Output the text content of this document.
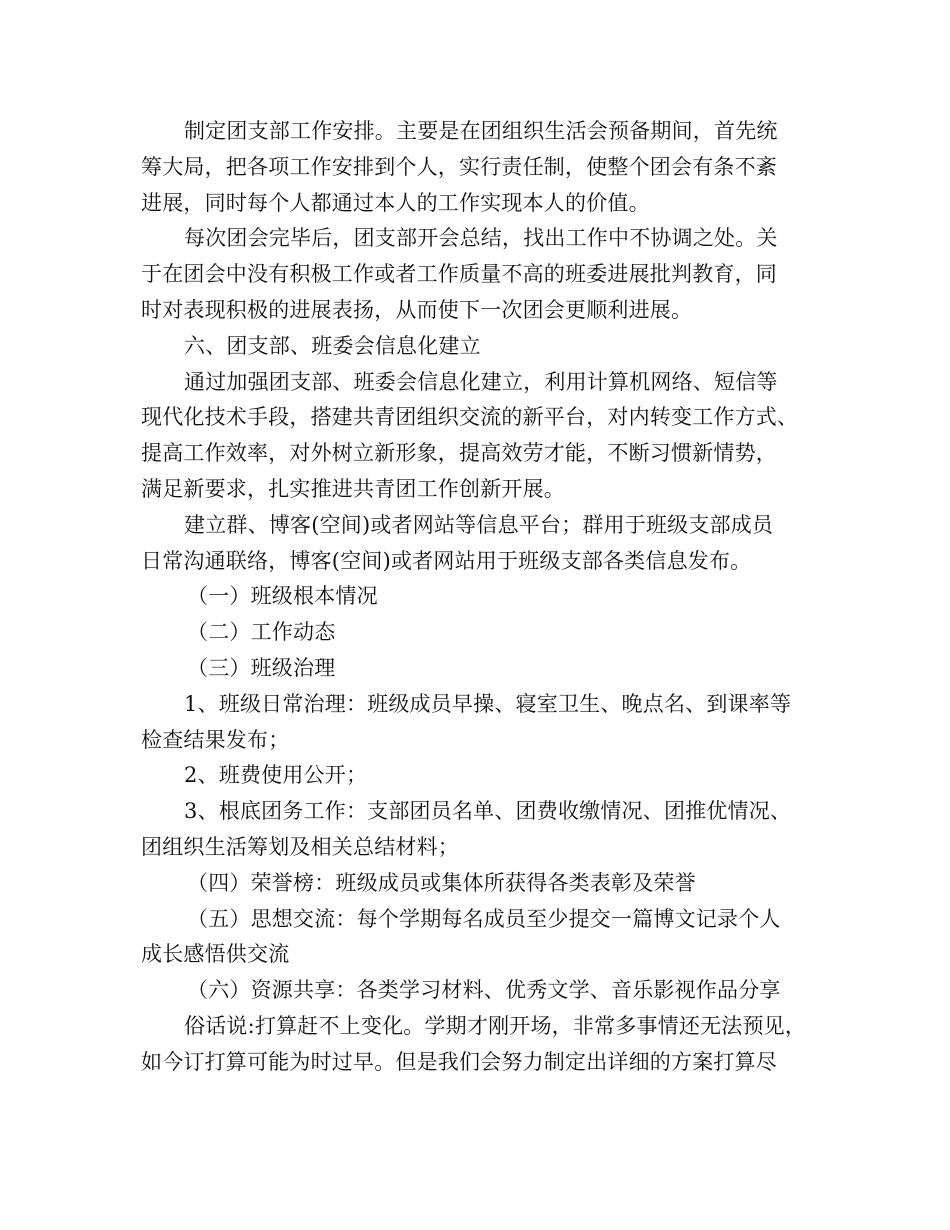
制定团支部工作安排。主要是在团组织生活会预备期间，首先统
筹大局，把各项工作安排到个人，实行责任制，使整个团会有条不紊
进展，同时每个人都通过本人的工作实现本人的价值。
每次团会完毕后，团支部开会总结，找出工作中不协调之处。关
于在团会中没有积极工作或者工作质量不高的班委进展批判教育，同
时对表现积极的进展表扬，从而使下一次团会更顺利进展。
六、团支部、班委会信息化建立
通过加强团支部、班委会信息化建立，利用计算机网络、短信等
现代化技术手段，搭建共青团组织交流的新平台，对内转变工作方式、
提高工作效率，对外树立新形象，提高效劳才能，不断习惯新情势，
满足新要求，扎实推进共青团工作创新开展。
建立群、博客(空间)或者网站等信息平台；群用于班级支部成员
日常沟通联络，博客(空间)或者网站用于班级支部各类信息发布。
（一）班级根本情况
（二）工作动态
（三）班级治理
1、班级日常治理：班级成员早操、寝室卫生、晚点名、到课率等
检查结果发布；
2、班费使用公开；
3、根底团务工作：支部团员名单、团费收缴情况、团推优情况、
团组织生活筹划及相关总结材料；
（四）荣誉榜：班级成员或集体所获得各类表彰及荣誉
（五）思想交流：每个学期每名成员至少提交一篇博文记录个人
成长感悟供交流
（六）资源共享：各类学习材料、优秀文学、音乐影视作品分享
俗话说:打算赶不上变化。学期才刚开场，非常多事情还无法预见，
如今订打算可能为时过早。但是我们会努力制定出详细的方案打算尽
